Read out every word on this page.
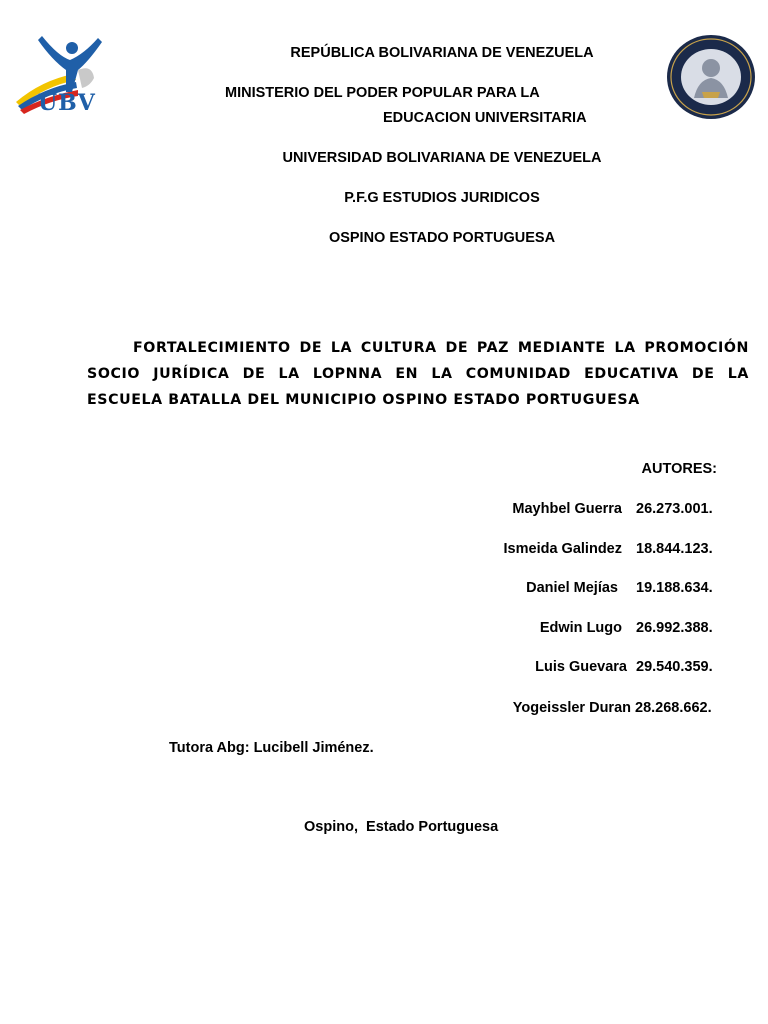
UBV
REPÚBLICA BOLIVARIANA DE VENEZUELA
MINISTERIO DEL PODER POPULAR PARA LA
EDUCACION UNIVERSITARIA
UNIVERSIDAD BOLIVARIANA DE VENEZUELA
P.F.G ESTUDIOS JURIDICOS
OSPINO ESTADO PORTUGUESA
FORTALECIMIENTO DE LA CULTURA DE PAZ MEDIANTE LA PROMOCIÓN SOCIO JURÍDICA DE LA LOPNNA EN LA COMUNIDAD EDUCATIVA DE LA ESCUELA BATALLA DEL MUNICIPIO OSPINO ESTADO PORTUGUESA
AUTORES:
Mayhbel Guerra 26.273.001.
Ismeida Galindez 18.844.123.
Daniel Mejías 19.188.634.
Edwin Lugo 26.992.388.
Luis Guevara 29.540.359.
Yogeissler Duran 28.268.662.
Tutora Abg: Lucibell Jiménez.
Ospino,  Estado Portuguesa
